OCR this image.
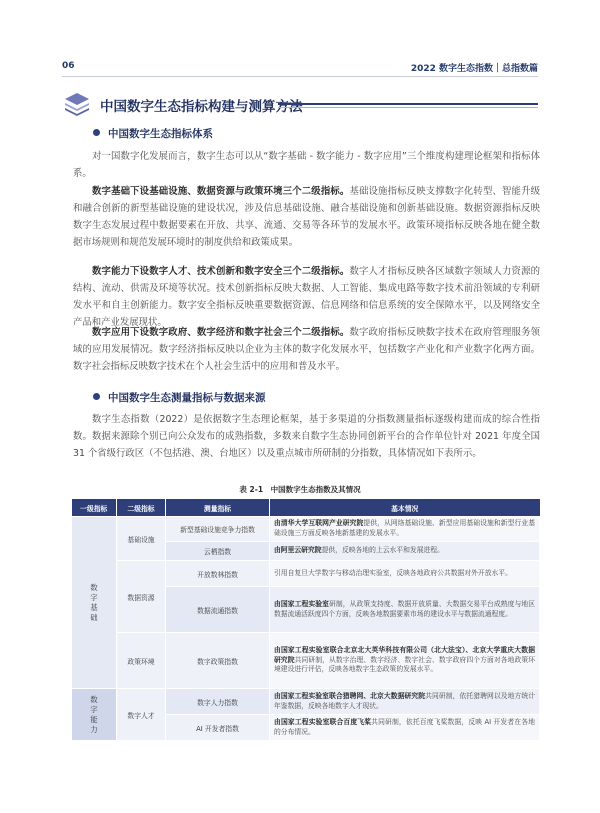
06	2022 数字生态指数｜总指数篇
中国数字生态指标构建与测算方法
中国数字生态指标体系

对一国数字化发展而言，数字生态可以从“数字基础 - 数字能力 - 数字应用”三个维度构建理论框架和指标体系。

数字基础下设基础设施、数据资源与政策环境三个二级指标。基础设施指标反映支撑数字化转型、智能升级和融合创新的新型基础设施的建设状况，涉及信息基础设施、融合基础设施和创新基础设施。数据资源指标反映数字生态发展过程中数据要素在开放、共享、流通、交易等各环节的发展水平。政策环境指标反映各地在健全数据市场规则和规范发展环境时的制度供给和政策成果。

数字能力下设数字人才、技术创新和数字安全三个二级指标。数字人才指标反映各区域数字领域人力资源的结构、流动、供需及环境等状况。技术创新指标反映大数据、人工智能、集成电路等数字技术前沿领域的专利研发水平和自主创新能力。数字安全指标反映重要数据资源、信息网络和信息系统的安全保障水平，以及网络安全产品和产业发展现状。

数字应用下设数字政府、数字经济和数字社会三个二级指标。数字政府指标反映数字技术在政府管理服务领域的应用发展情况。数字经济指标反映以企业为主体的数字化发展水平，包括数字产业化和产业数字化两方面。数字社会指标反映数字技术在个人社会生活中的应用和普及水平。

中国数字生态测量指标与数据来源

数字生态指数（2022）是依据数字生态理论框架，基于多渠道的分指数测量指标逐级构建而成的综合性指数。数据来源除个别已向公众发布的成熟指数，多数来自数字生态协同创新平台的合作单位针对 2021 年度全国 31 个省级行政区（不包括港、澳、台地区）以及重点城市所研制的分指数，具体情况如下表所示。

表 2-1　中国数字生态指数及其情况
一级指标	二级指标	测量指标	基本情况
数
字
基
础	基础设施	新型基础设施竞争力指数	由清华大学互联网产业研究院提供，从网络基础设施、新型应用基础设施和新型行业基础设施三方面反映各地新基建的发展水平。
		云栖指数	由阿里云研究院提供，反映各地的上云水平和发展进程。
	数据资源	开放数林指数	引用自复旦大学数字与移动治理实验室，反映各地政府公共数据对外开放水平。
		数据流通指数	由国家工程实验室研制，从政策支持度、数据开放质量、大数据交易平台成熟度与地区数据流通活跃度四个方面，反映各地数据要素市场的建设水平与数据流通程度。
	政策环境	数字政策指数	由国家工程实验室联合北京北大英华科技有限公司（北大法宝）、北京大学重庆大数据研究院共同研制，从数字治理、数字经济、数字社会、数字政府四个方面对各地政策环境建设进行评估，反映各地数字生态政策的发展水平。
数
字
能
力	数字人才	数字人力指数	由国家工程实验室联合猎聘网、北京大数据研究院共同研制，依托猎聘网以及地方统计年鉴数据，反映各地数字人才现状。
		AI 开发者指数	由国家工程实验室联合百度飞桨共同研制，依托百度飞桨数据，反映 AI 开发者在各地的分布情况。
